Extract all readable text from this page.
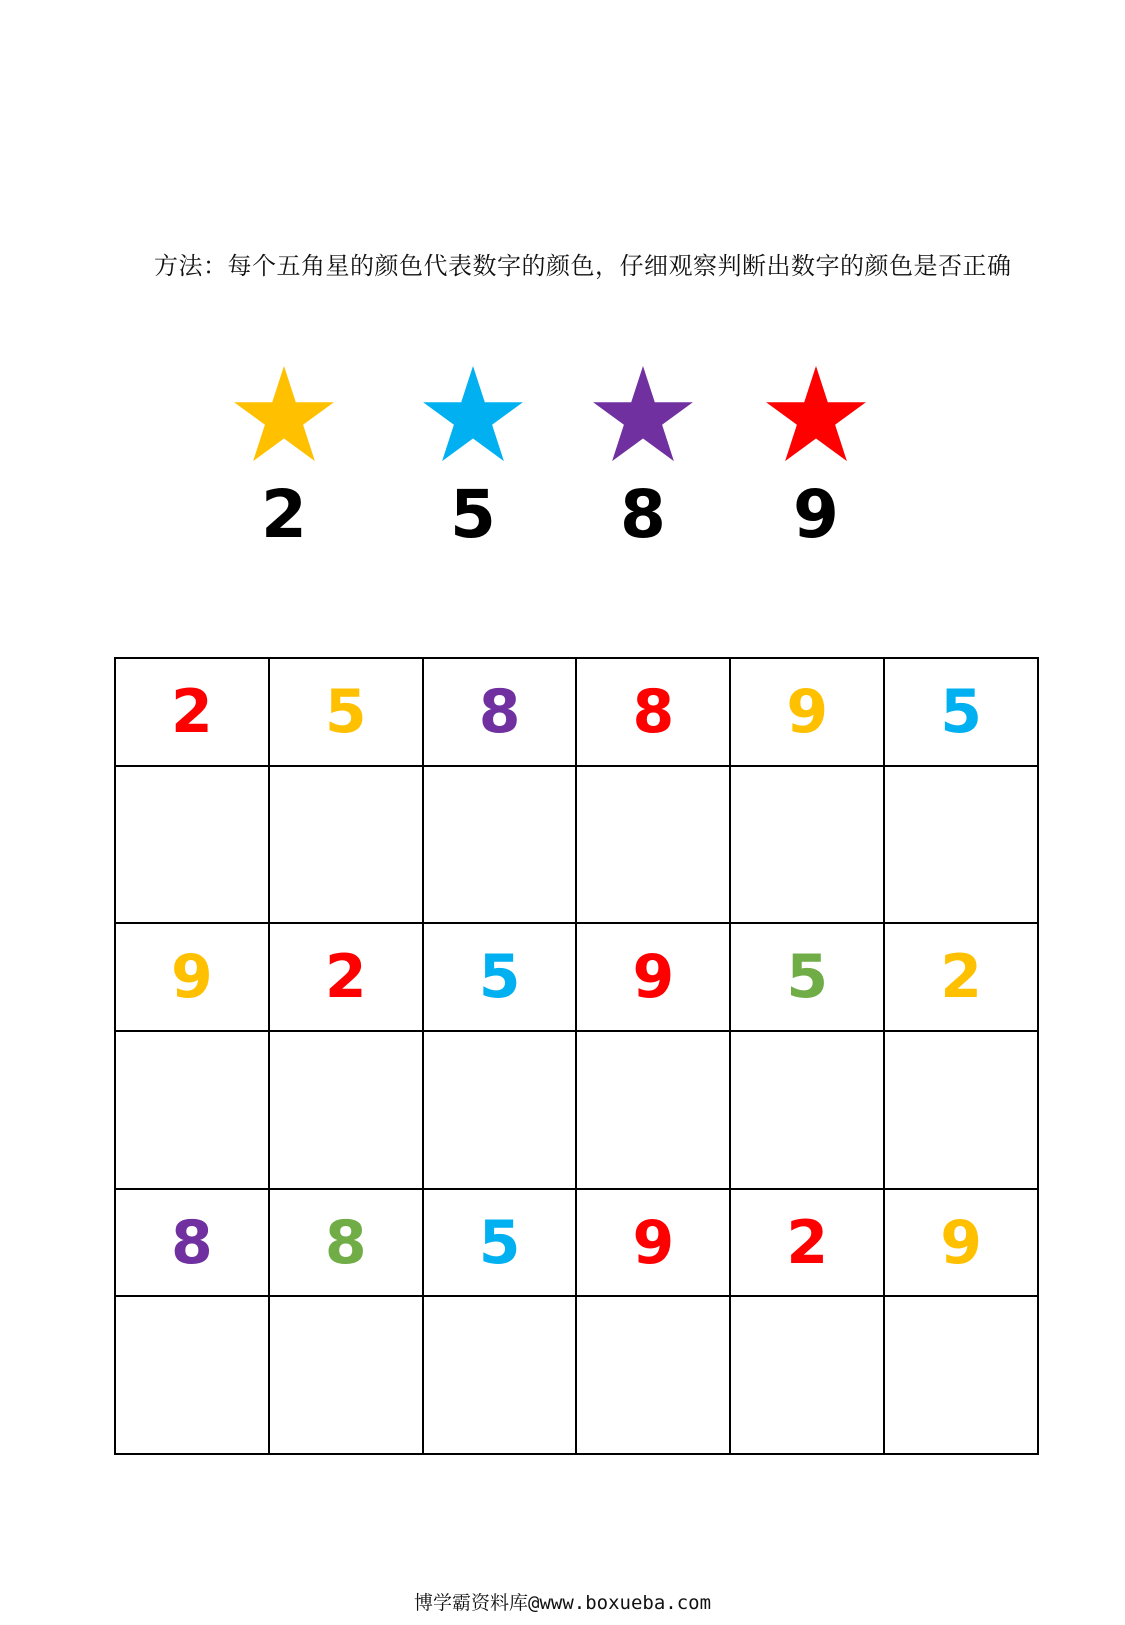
方法：每个五角星的颜色代表数字的颜色，仔细观察判断出数字的颜色是否正确
2	5	8	9
2	5	8	8	9	5

9	2	5	9	5	2

8	8	5	9	2	9

博学霸资料库@www.boxueba.com
